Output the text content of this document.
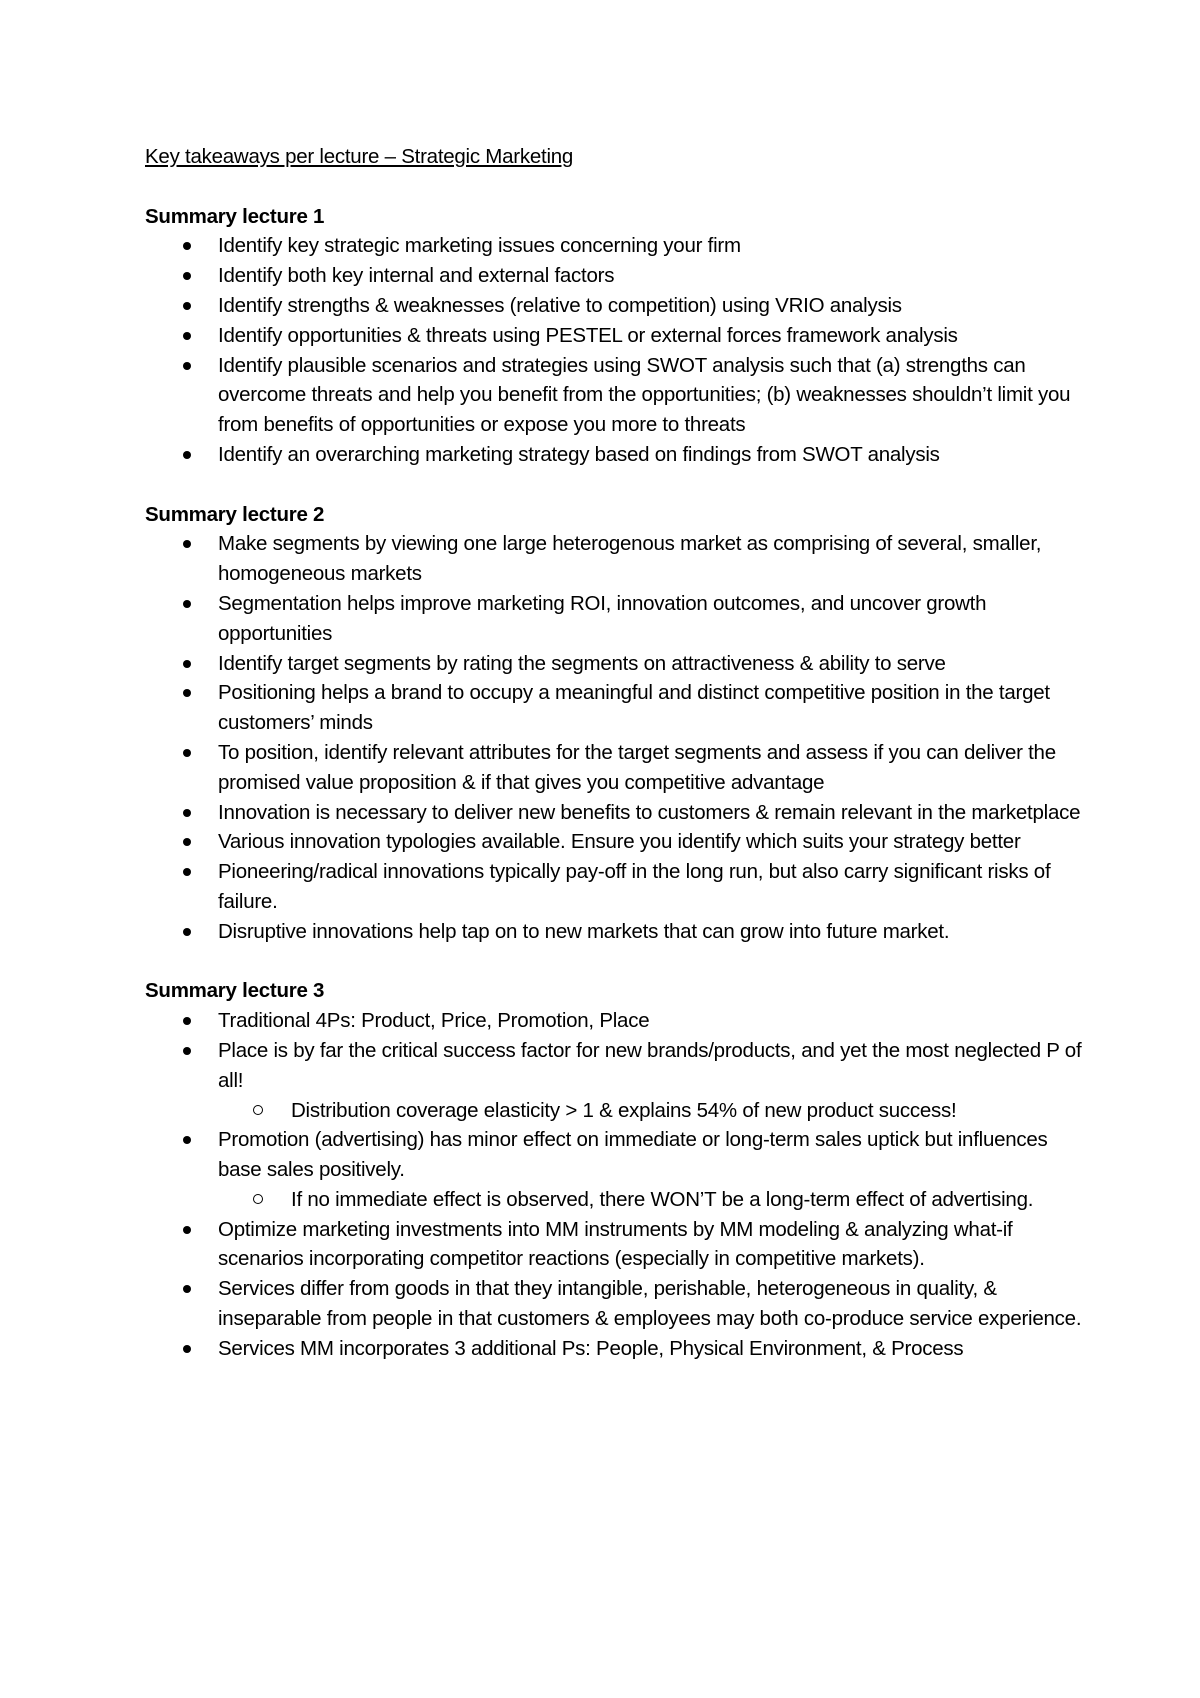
Key takeaways per lecture – Strategic Marketing
Summary lecture 1
Identify key strategic marketing issues concerning your firm
Identify both key internal and external factors
Identify strengths & weaknesses (relative to competition) using VRIO analysis
Identify opportunities & threats using PESTEL or external forces framework analysis
Identify plausible scenarios and strategies using SWOT analysis such that (a) strengths can overcome threats and help you benefit from the opportunities; (b) weaknesses shouldn’t limit you from benefits of opportunities or expose you more to threats
Identify an overarching marketing strategy based on findings from SWOT analysis
Summary lecture 2
Make segments by viewing one large heterogenous market as comprising of several, smaller, homogeneous markets
Segmentation helps improve marketing ROI, innovation outcomes, and uncover growth opportunities
Identify target segments by rating the segments on attractiveness & ability to serve
Positioning helps a brand to occupy a meaningful and distinct competitive position in the target customers’ minds
To position, identify relevant attributes for the target segments and assess if you can deliver the promised value proposition & if that gives you competitive advantage
Innovation is necessary to deliver new benefits to customers & remain relevant in the marketplace
Various innovation typologies available. Ensure you identify which suits your strategy better
Pioneering/radical innovations typically pay-off in the long run, but also carry significant risks of failure.
Disruptive innovations help tap on to new markets that can grow into future market.
Summary lecture 3
Traditional 4Ps: Product, Price, Promotion, Place
Place is by far the critical success factor for new brands/products, and yet the most neglected P of all!
Distribution coverage elasticity > 1 & explains 54% of new product success!
Promotion (advertising) has minor effect on immediate or long-term sales uptick but influences base sales positively.
If no immediate effect is observed, there WON’T be a long-term effect of advertising.
Optimize marketing investments into MM instruments by MM modeling & analyzing what-if scenarios incorporating competitor reactions (especially in competitive markets).
Services differ from goods in that they intangible, perishable, heterogeneous in quality, & inseparable from people in that customers & employees may both co-produce service experience.
Services MM incorporates 3 additional Ps: People, Physical Environment, & Process
